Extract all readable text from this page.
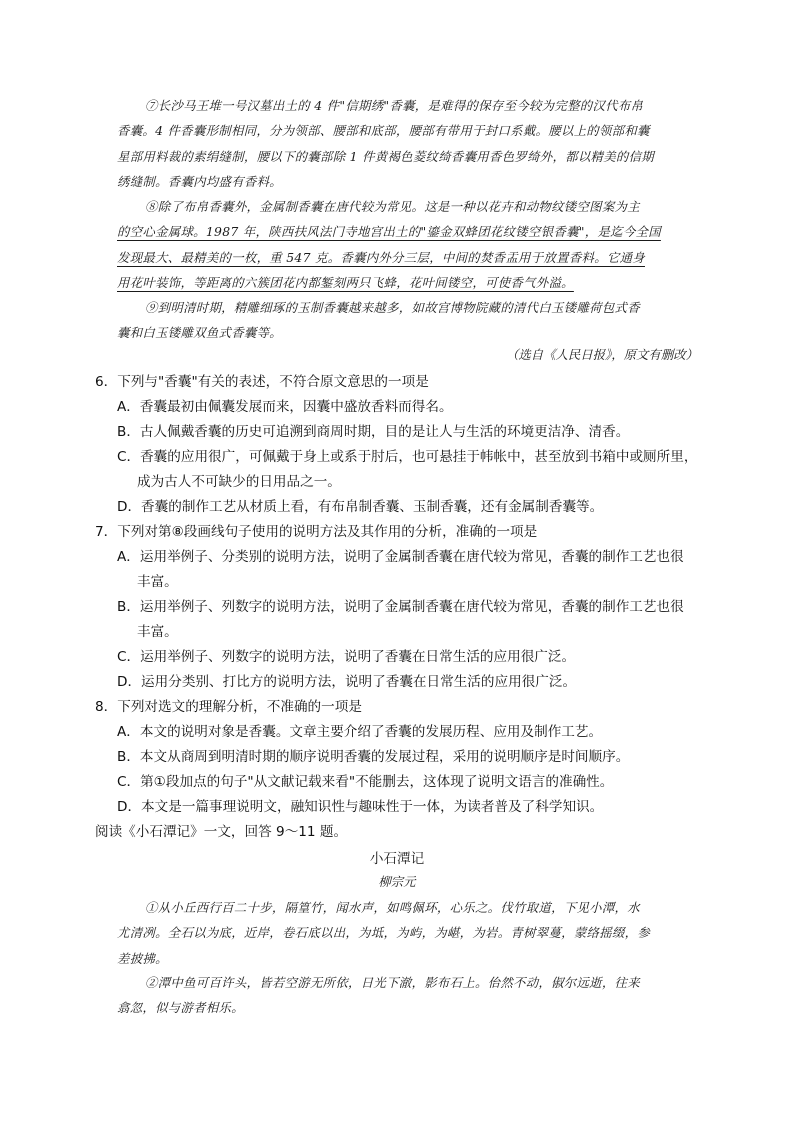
⑦长沙马王堆一号汉墓出土的 4 件"信期绣"香囊，是难得的保存至今较为完整的汉代布帛
香囊。4 件香囊形制相同，分为领部、腰部和底部，腰部有带用于封口系戴。腰以上的领部和囊
星部用料裁的素绢缝制，腰以下的囊部除 1 件黄褐色菱纹绮香囊用香色罗绮外，都以精美的信期
绣缝制。香囊内均盛有香料。
⑧除了布帛香囊外，金属制香囊在唐代较为常见。这是一种以花卉和动物纹镂空图案为主
的空心金属球。1987 年，陕西扶风法门寺地宫出土的"鎏金双蜂团花纹镂空银香囊"，是迄今全国
发现最大、最精美的一枚，重 547 克。香囊内外分三层，中间的焚香盂用于放置香料。它通身
用花叶装饰，等距离的六簇团花内都錾刻两只飞蜂，花叶间镂空，可使香气外溢。
⑨到明清时期，精雕细琢的玉制香囊越来越多，如故宫博物院藏的清代白玉镂雕荷包式香
囊和白玉镂雕双鱼式香囊等。
（选自《人民日报》，原文有删改）
6．下列与"香囊"有关的表述，不符合原文意思的一项是
A．香囊最初由佩囊发展而来，因囊中盛放香料而得名。
B．古人佩戴香囊的历史可追溯到商周时期，目的是让人与生活的环境更洁净、清香。
C．香囊的应用很广，可佩戴于身上或系于肘后，也可悬挂于帏帐中，甚至放到书箱中或厕所里，
成为古人不可缺少的日用品之一。
D．香囊的制作工艺从材质上看，有布帛制香囊、玉制香囊，还有金属制香囊等。
7．下列对第⑧段画线句子使用的说明方法及其作用的分析，准确的一项是
A．运用举例子、分类别的说明方法，说明了金属制香囊在唐代较为常见，香囊的制作工艺也很
丰富。
B．运用举例子、列数字的说明方法，说明了金属制香囊在唐代较为常见，香囊的制作工艺也很
丰富。
C．运用举例子、列数字的说明方法，说明了香囊在日常生活的应用很广泛。
D．运用分类别、打比方的说明方法，说明了香囊在日常生活的应用很广泛。
8．下列对选文的理解分析，不准确的一项是
A．本文的说明对象是香囊。文章主要介绍了香囊的发展历程、应用及制作工艺。
B．本文从商周到明清时期的顺序说明香囊的发展过程，采用的说明顺序是时间顺序。
C．第①段加点的句子"从文献记载来看"不能删去，这体现了说明文语言的准确性。
D．本文是一篇事理说明文，融知识性与趣味性于一体，为读者普及了科学知识。
阅读《小石潭记》一文，回答 9～11 题。
小石潭记
柳宗元
①从小丘西行百二十步，隔篁竹，闻水声，如鸣佩环，心乐之。伐竹取道，下见小潭，水
尤清冽。全石以为底，近岸，卷石底以出，为坻，为屿，为嵁，为岩。青树翠蔓，蒙络摇缀，参
差披拂。
②潭中鱼可百许头，皆若空游无所依，日光下澈，影布石上。佁然不动，俶尔远逝，往来
翕忽，似与游者相乐。
